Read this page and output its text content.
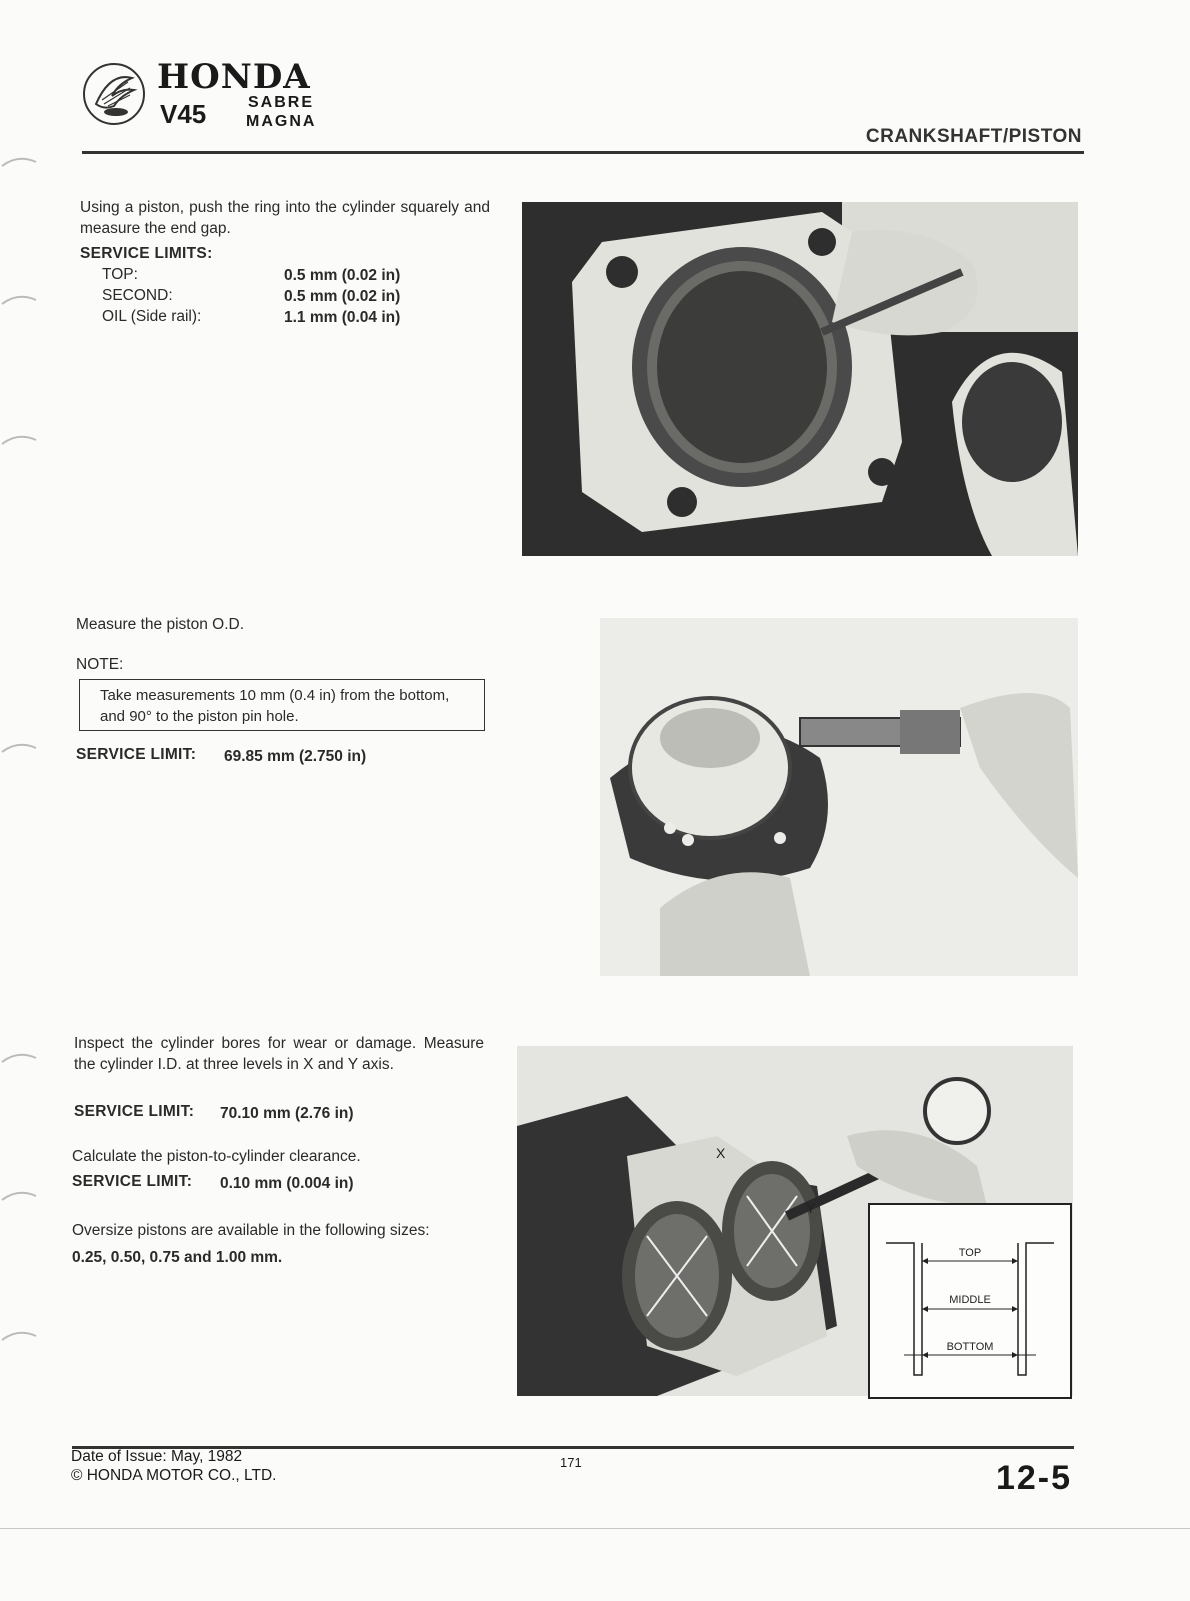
HONDA
V45	SABRE
MAGNA
CRANKSHAFT/PISTON
Using a piston, push the ring into the cylinder squarely and measure the end gap.
SERVICE LIMITS:
TOP:	0.5 mm (0.02 in)
SECOND:	0.5 mm (0.02 in)
OIL (Side rail):	1.1 mm (0.04 in)
Measure the piston O.D.
NOTE:
Take measurements 10 mm (0.4 in) from the bottom, and 90° to the piston pin hole.
SERVICE LIMIT: 69.85 mm (2.750 in)
Inspect the cylinder bores for wear or damage. Measure the cylinder I.D. at three levels in X and Y axis.
SERVICE LIMIT: 70.10 mm (2.76 in)
Calculate the piston-to-cylinder clearance.
SERVICE LIMIT: 0.10 mm (0.004 in)
Oversize pistons are available in the following sizes:
0.25, 0.50, 0.75 and 1.00 mm.
X
Y
TOP
MIDDLE
BOTTOM
Date of Issue: May, 1982
© HONDA MOTOR CO., LTD.
171	12-5
